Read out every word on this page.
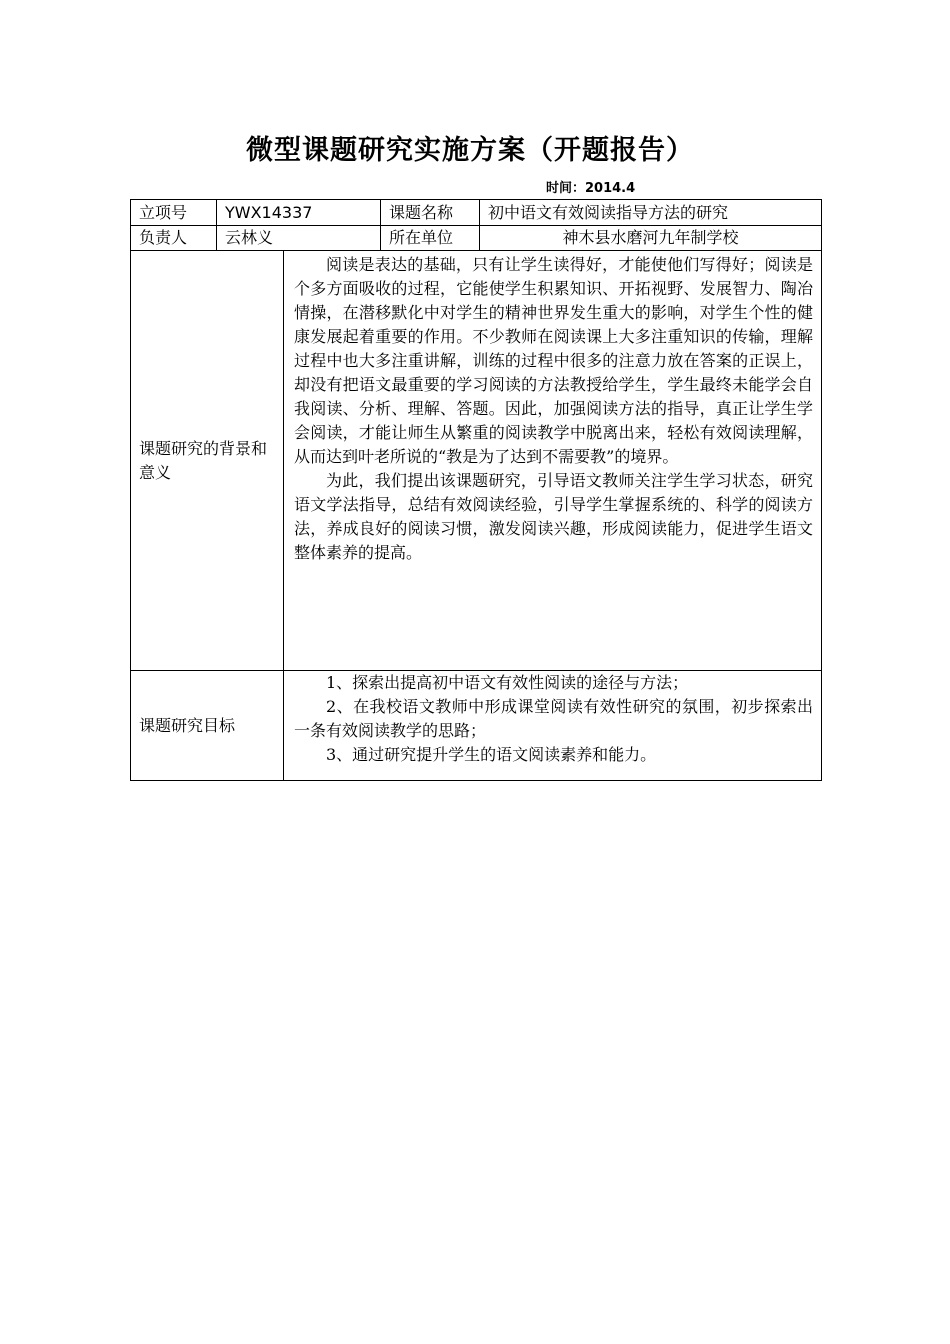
微型课题研究实施方案（开题报告）
时间：2014.4
立项号	YWX14337		课题名称	初中语文有效阅读指导方法的研究
负责人	云林义		所在单位	神木县水磨河九年制学校
课题研究的背景和意义		阅读是表达的基础，只有让学生读得好，才能使他们写得好；阅读是个多方面吸收的过程，它能使学生积累知识、开拓视野、发展智力、陶冶情操，在潜移默化中对学生的精神世界发生重大的影响，对学生个性的健康发展起着重要的作用。不少教师在阅读课上大多注重知识的传输，理解过程中也大多注重讲解，训练的过程中很多的注意力放在答案的正误上，却没有把语文最重要的学习阅读的方法教授给学生，学生最终未能学会自我阅读、分析、理解、答题。因此，加强阅读方法的指导，真正让学生学会阅读，才能让师生从繁重的阅读教学中脱离出来，轻松有效阅读理解，从而达到叶老所说的“教是为了达到不需要教”的境界。

为此，我们提出该课题研究，引导语文教师关注学生学习状态，研究语文学法指导，总结有效阅读经验，引导学生掌握系统的、科学的阅读方法，养成良好的阅读习惯，激发阅读兴趣，形成阅读能力，促进学生语文整体素养的提高。		

课题研究目标		1、探索出提高初中语文有效性阅读的途径与方法；

2、在我校语文教师中形成课堂阅读有效性研究的氛围，初步探索出一条有效阅读教学的思路；

3、通过研究提升学生的语文阅读素养和能力。		
